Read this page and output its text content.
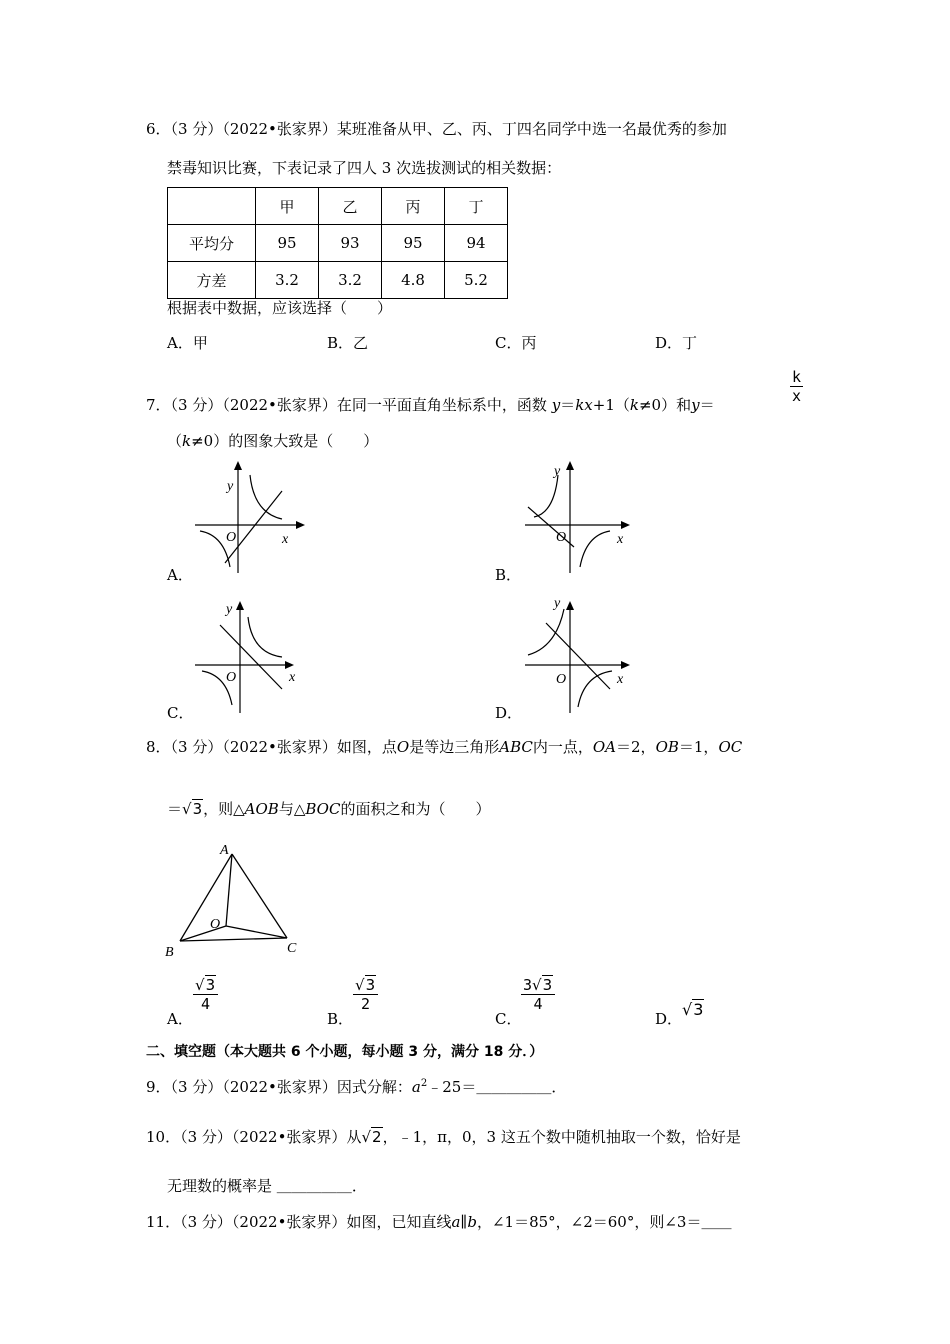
6．（3 分）（2022•张家界）某班准备从甲、乙、丙、丁四名同学中选一名最优秀的参加
禁毒知识比赛，下表记录了四人 3 次选拔测试的相关数据：
	甲	乙	丙	丁
平均分	95	93	95	94
方差	3.2	3.2	4.8	5.2
根据表中数据，应该选择（　　）
A．甲	B．乙	C．丙	D．丁
7．（3 分）（2022•张家界）在同一平面直角坐标系中，函数 y＝kx+1（k≠0）和y＝	$\frac{k}{x}$
（k≠0）的图象大致是（　　）
y
x
O
A．
y
x
O
B．
y
x
O
C．
y
x
O
D．
8．（3 分）（2022•张家界）如图，点O是等边三角形ABC内一点，OA＝2，OB＝1，OC
＝√3，则△AOB与△BOC的面积之和为（　　）
A
B	C
O
A．
$\frac{√3}{4}$
B．
$\frac{√3}{2}$
C．
$\frac{3√3}{4}$
D． √3
二、填空题（本大题共 6 个小题，每小题 3 分，满分 18 分．）
9．（3 分）（2022•张家界）因式分解：$a^2﹣25=\_\_\_\_\_$．
10．（3 分）（2022•张家界）从√2，﹣1，π，0，3 这五个数中随机抽取一个数，恰好是
无理数的概率是 ＿＿＿＿＿．
11．（3 分）（2022•张家界）如图，已知直线a∥b，∠1＝85°，∠2＝60°，则∠3＝＿＿
